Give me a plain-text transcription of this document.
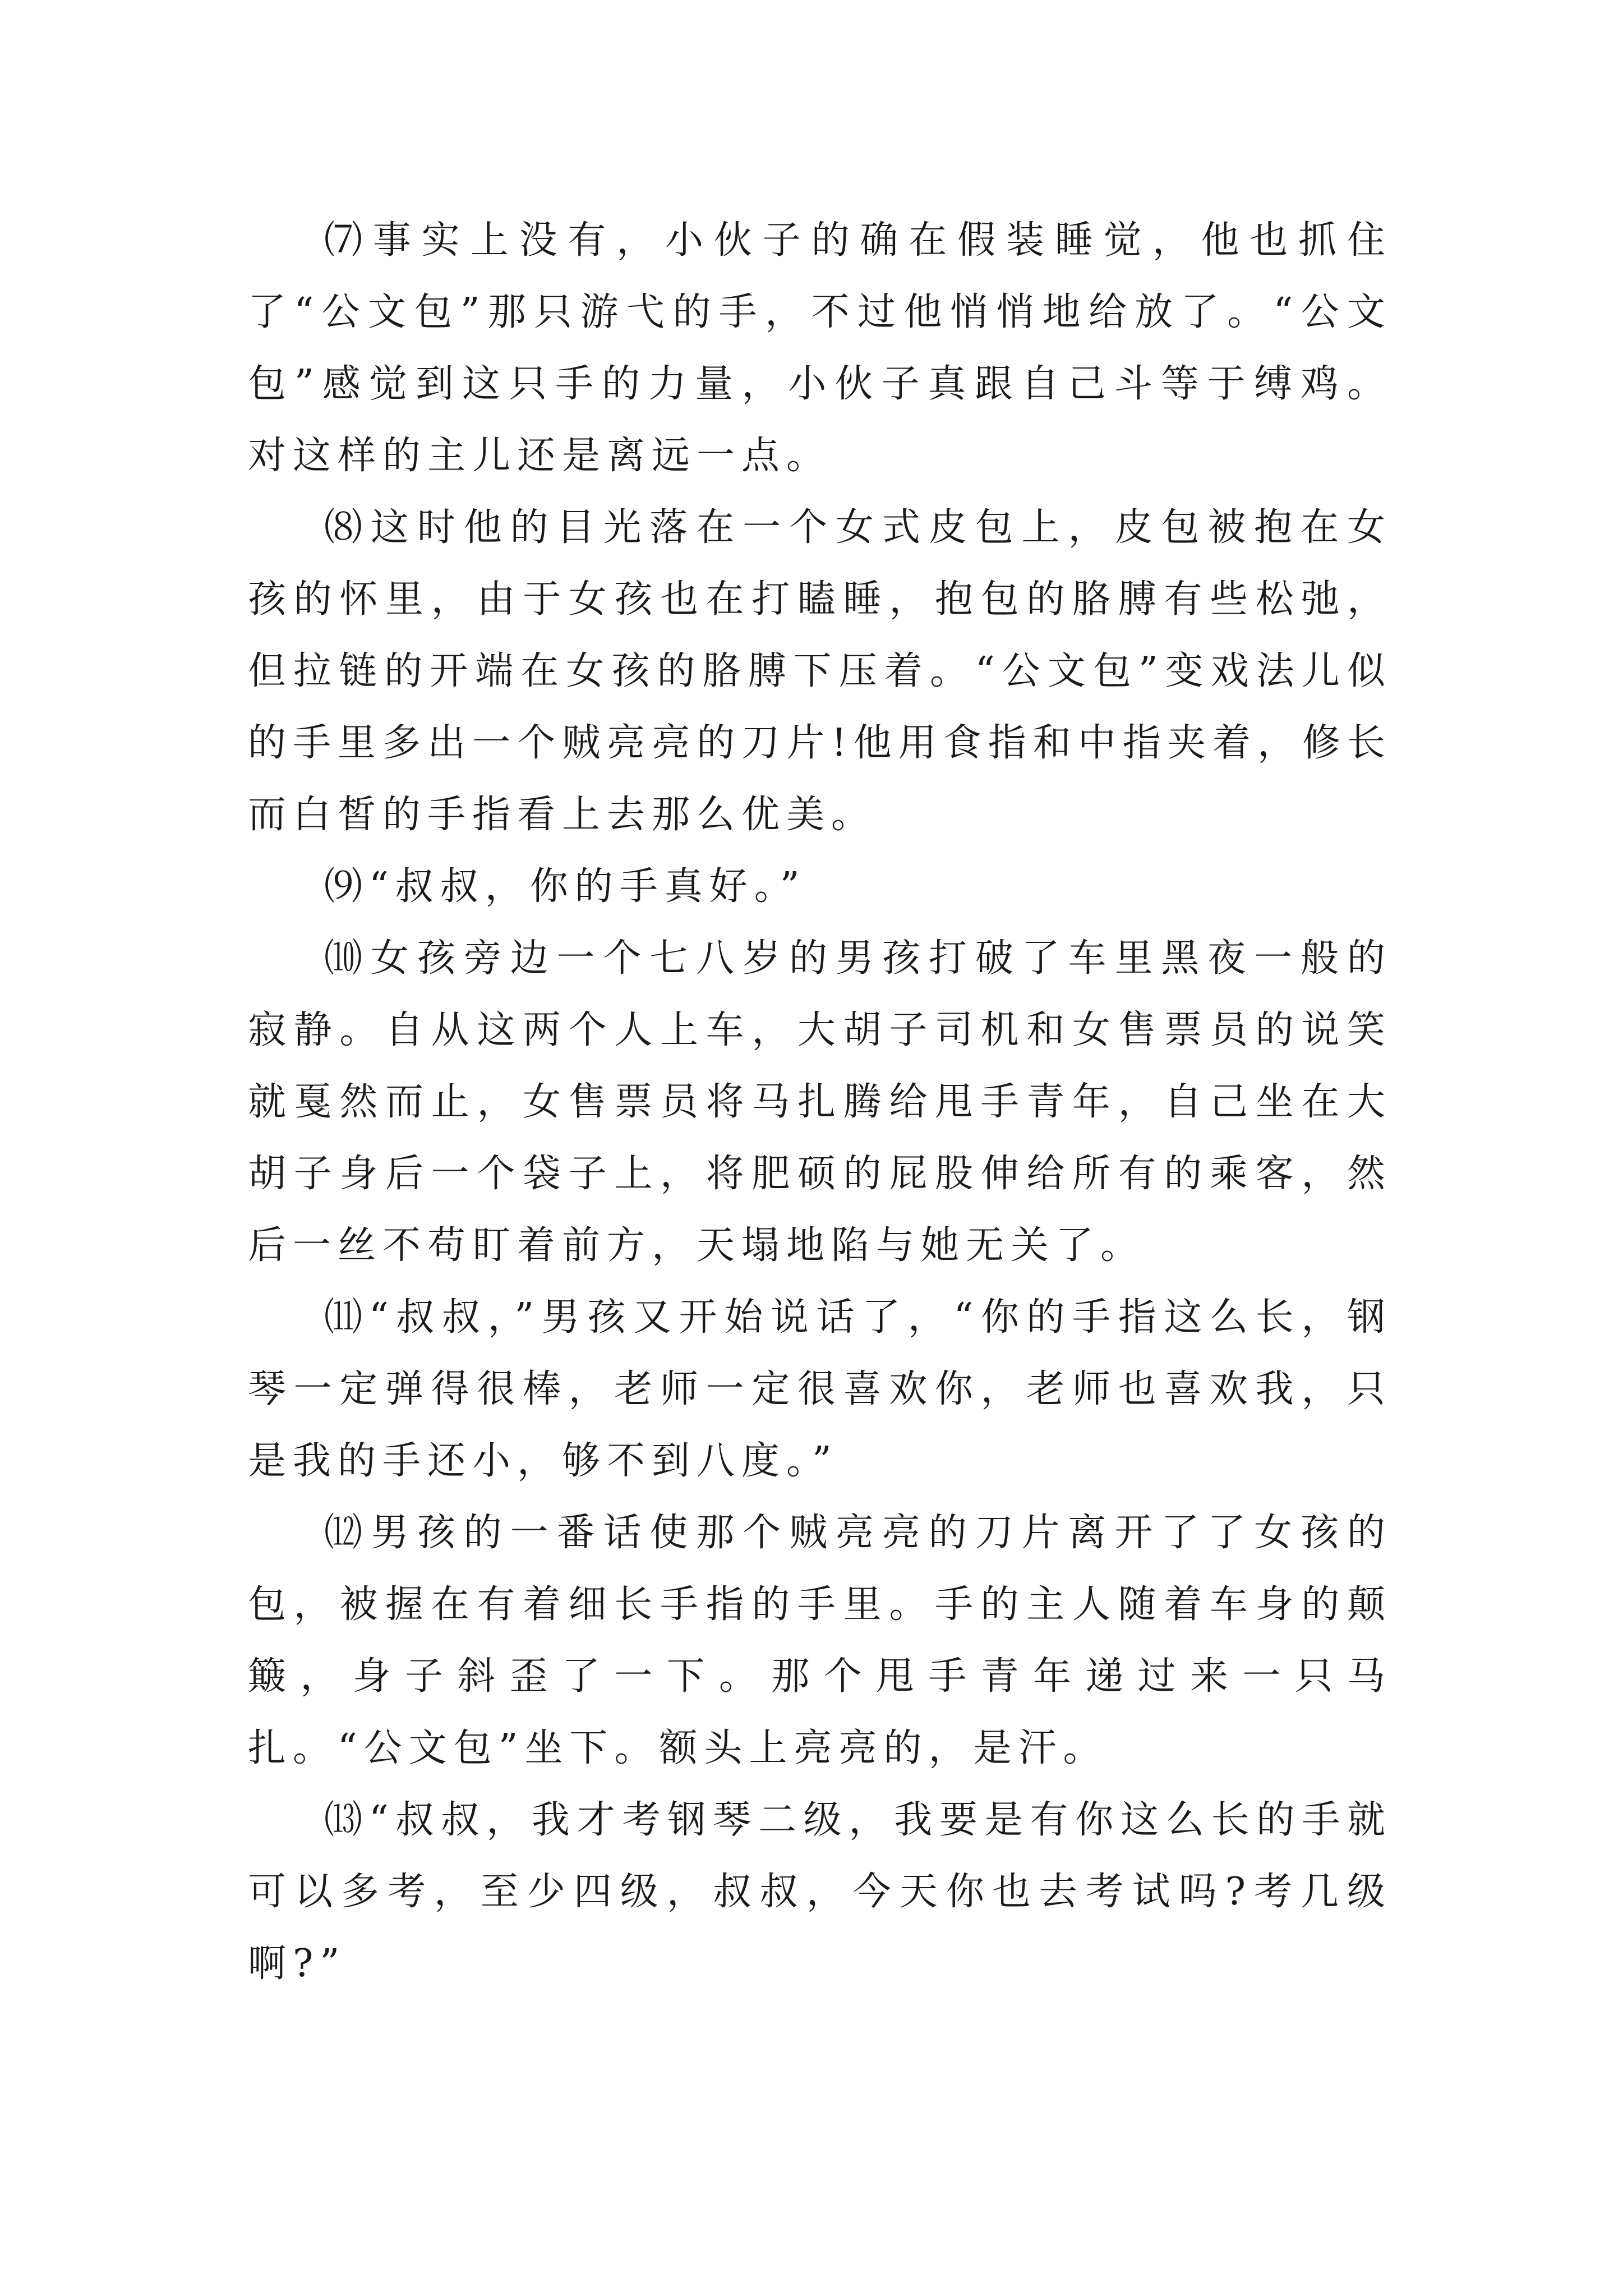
⑺事实上没有，小伙子的确在假装睡觉，他也抓住了“公文包”那只游弋的手，不过他悄悄地给放了。“公文包”感觉到这只手的力量，小伙子真跟自己斗等于缚鸡。对这样的主儿还是离远一点。

⑻这时他的目光落在一个女式皮包上，皮包被抱在女孩的怀里，由于女孩也在打瞌睡，抱包的胳膊有些松弛，但拉链的开端在女孩的胳膊下压着。“公文包”变戏法儿似的手里多出一个贼亮亮的刀片!他用食指和中指夹着，修长而白皙的手指看上去那么优美。

⑼“叔叔，你的手真好。”

⑽女孩旁边一个七八岁的男孩打破了车里黑夜一般的寂静。自从这两个人上车，大胡子司机和女售票员的说笑就戛然而止，女售票员将马扎腾给甩手青年，自己坐在大胡子身后一个袋子上，将肥硕的屁股伸给所有的乘客，然后一丝不苟盯着前方，天塌地陷与她无关了。

⑾“叔叔，”男孩又开始说话了，“你的手指这么长，钢琴一定弹得很棒，老师一定很喜欢你，老师也喜欢我，只是我的手还小，够不到八度。”

⑿男孩的一番话使那个贼亮亮的刀片离开了了女孩的包，被握在有着细长手指的手里。手的主人随着车身的颠簸，身子斜歪了一下。那个甩手青年递过来一只马扎。“公文包”坐下。额头上亮亮的，是汗。

⒀“叔叔，我才考钢琴二级，我要是有你这么长的手就可以多考，至少四级，叔叔，今天你也去考试吗?考几级啊?”
